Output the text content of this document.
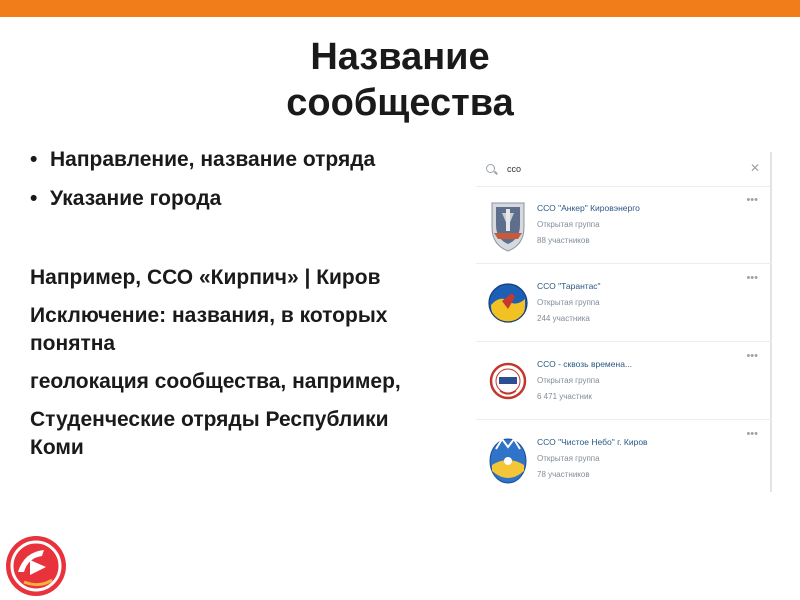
Название
сообщества
• Направление, название отряда
• Указание города

Например, ССО «Кирпич» | Киров

Исключение: названия, в которых понятна

геолокация сообщества, например,

Студенческие отряды Республики Коми

сco	✕
ССО "Анкер" Кировэнерго
Открытая группа
88 участников
•••
ССО "Тарантас"
Открытая группа
244 участника
•••
ССО - сквозь времена...
Открытая группа
6 471 участник
•••
ССО "Чистое Небо" г. Киров
Открытая группа
78 участников
•••
